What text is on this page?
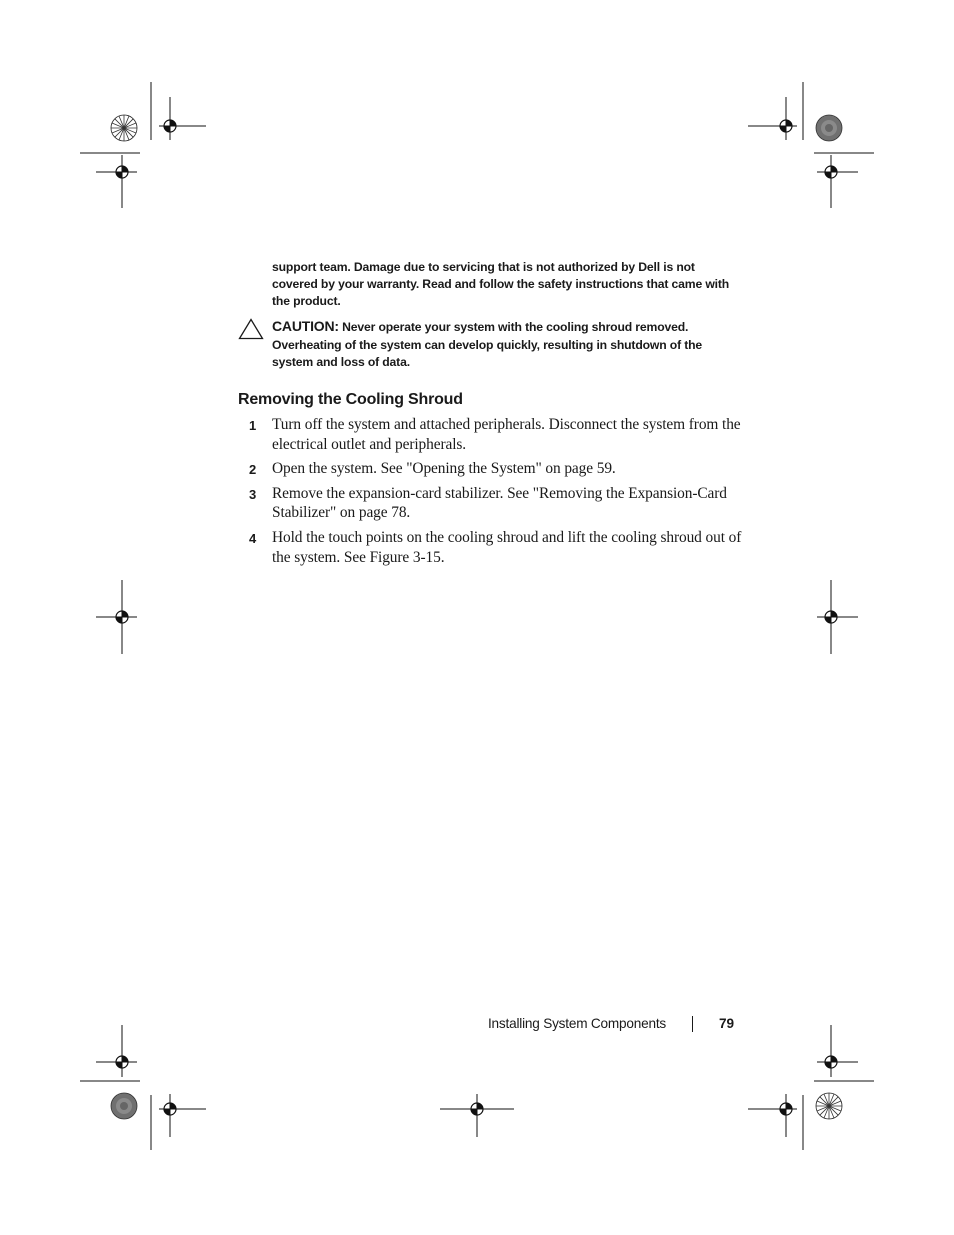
support team. Damage due to servicing that is not authorized by Dell is not covered by your warranty. Read and follow the safety instructions that came with the product.

CAUTION: Never operate your system with the cooling shroud removed. Overheating of the system can develop quickly, resulting in shutdown of the system and loss of data.

Removing the Cooling Shroud
1 Turn off the system and attached peripherals. Disconnect the system from the electrical outlet and peripherals.
2 Open the system. See "Opening the System" on page 59.
3 Remove the expansion-card stabilizer. See "Removing the Expansion-Card Stabilizer" on page 78.
4 Hold the touch points on the cooling shroud and lift the cooling shroud out of the system. See Figure 3-15.
Installing System Components	79
